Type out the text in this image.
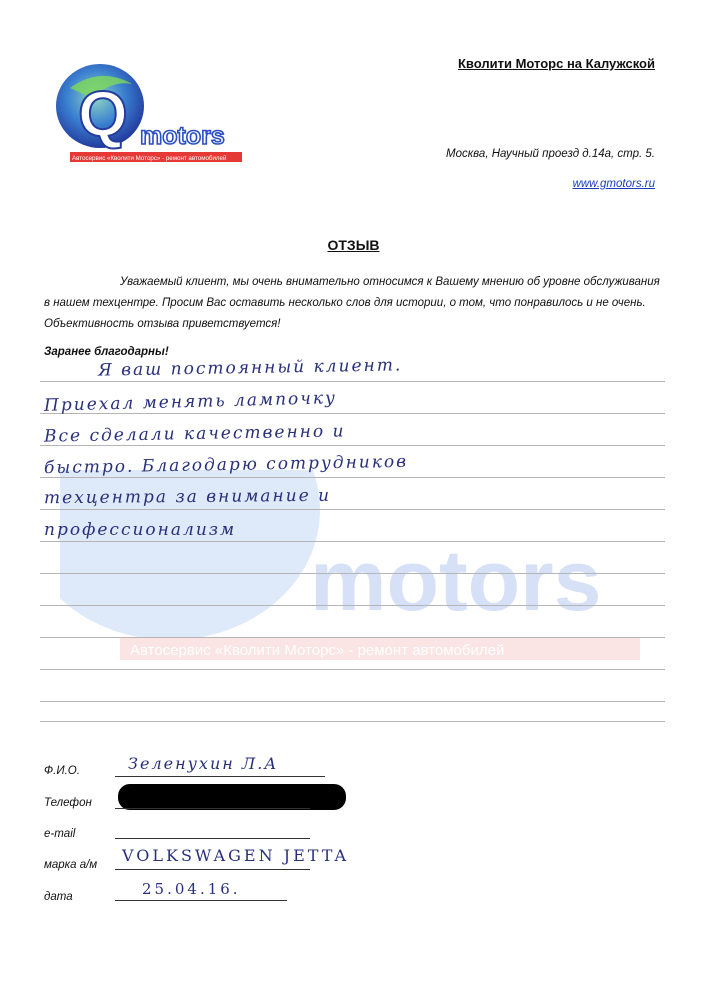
Q motors
Автосервис «Кволити Моторс» - ремонт автомобилей
Кволити Моторс на Калужской
Москва, Научный проезд д.14а, стр. 5.
www.gmotors.ru
ОТЗЫВ
Уважаемый клиент, мы очень внимательно относимся к Вашему мнению об уровне обслуживания в нашем техцентре. Просим Вас оставить несколько слов для истории, о том, что понравилось и не очень. Объективность отзыва приветствуется!
Заранее благодарны!
motors
Автосервис «Кволити Моторс» - ремонт автомобилей
Я ваш постоянный клиент.
Приехал менять лампочку
Все сделали качественно и
быстро. Благодарю сотрудников
техцентра за внимание и
профессионализм
Ф.И.О.	Зеленухин Л.А
Телефон
e-mail
марка а/м VOLKSWAGEN JETTA
дата	25.04.16.
